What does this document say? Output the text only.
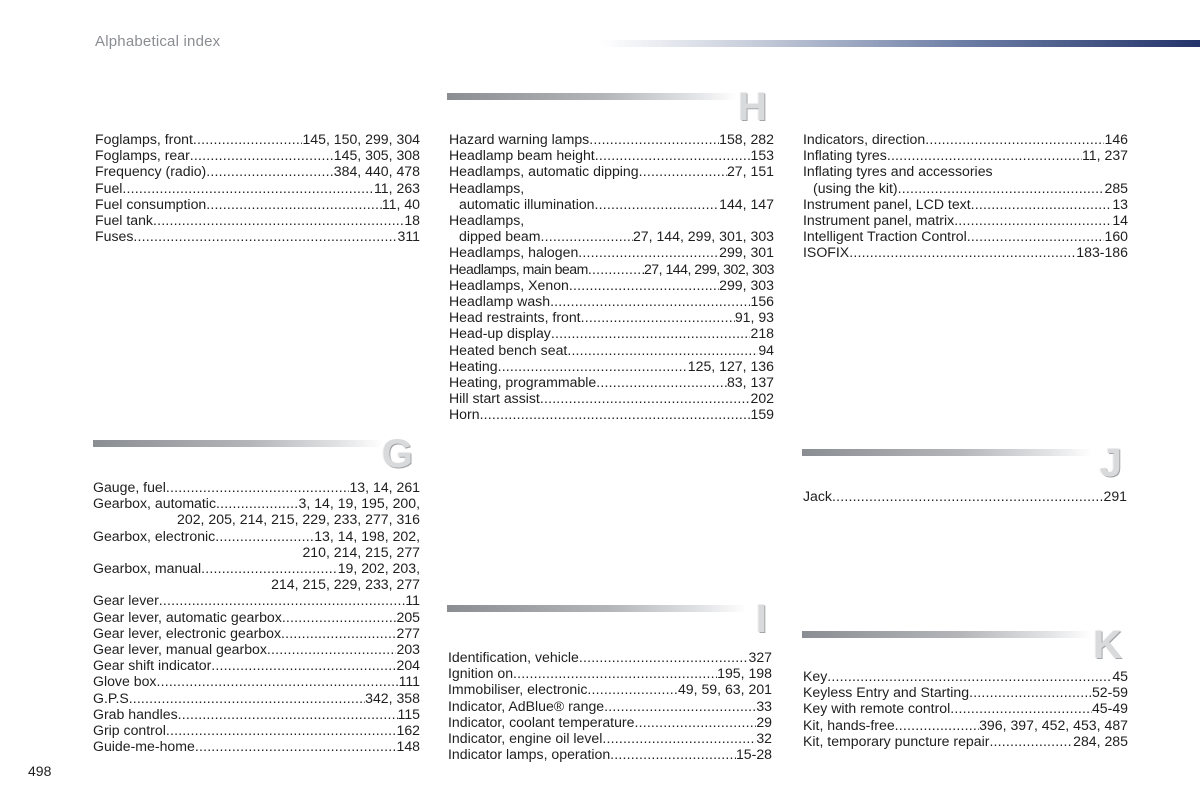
Alphabetical index
Foglamps, front .....	145, 150, 299, 304
Foglamps, rear .....	145, 305, 308
Frequency (radio) .....	384, 440, 478
Fuel .....	11, 263
Fuel consumption .....	11, 40
Fuel tank .....	18
Fuses .....	311
G
Gauge, fuel .....	13, 14, 261
Gearbox, automatic .....	3, 14, 19, 195, 200,
202, 205, 214, 215, 229, 233, 277, 316
Gearbox, electronic .....	13, 14, 198, 202,
210, 214, 215, 277
Gearbox, manual .....	19, 202, 203,
214, 215, 229, 233, 277
Gear lever .....	11
Gear lever, automatic gearbox .....	205
Gear lever, electronic gearbox .....	277
Gear lever, manual gearbox .....	203
Gear shift indicator .....	204
Glove box .....	111
G.P.S. .....	342, 358
Grab handles .....	115
Grip control .....	162
Guide-me-home .....	148
H
Hazard warning lamps .....	158, 282
Headlamp beam height .....	153
Headlamps, automatic dipping .....	27, 151
Headlamps,
automatic illumination .....	144, 147
Headlamps,
dipped beam .....	27, 144, 299, 301, 303
Headlamps, halogen .....	299, 301
Headlamps, main beam .....	27, 144, 299, 302, 303
Headlamps, Xenon .....	299, 303
Headlamp wash .....	156
Head restraints, front .....	91, 93
Head-up display .....	218
Heated bench seat .....	94
Heating .....	125, 127, 136
Heating, programmable .....	83, 137
Hill start assist .....	202
Horn .....	159
I
Identification, vehicle .....	327
Ignition on .....	195, 198
Immobiliser, electronic .....	49, 59, 63, 201
Indicator, AdBlue® range .....	33
Indicator, coolant temperature .....	29
Indicator, engine oil level .....	32
Indicator lamps, operation .....	15-28
Indicators, direction .....	146
Inflating tyres .....	11, 237
Inflating tyres and accessories
(using the kit) .....	285
Instrument panel, LCD text .....	13
Instrument panel, matrix .....	14
Intelligent Traction Control .....	160
ISOFIX .....	183-186
J
Jack .....	291
K
Key .....	45
Keyless Entry and Starting .....	52-59
Key with remote control .....	45-49
Kit, hands-free .....	396, 397, 452, 453, 487
Kit, temporary puncture repair .....	284, 285
498
